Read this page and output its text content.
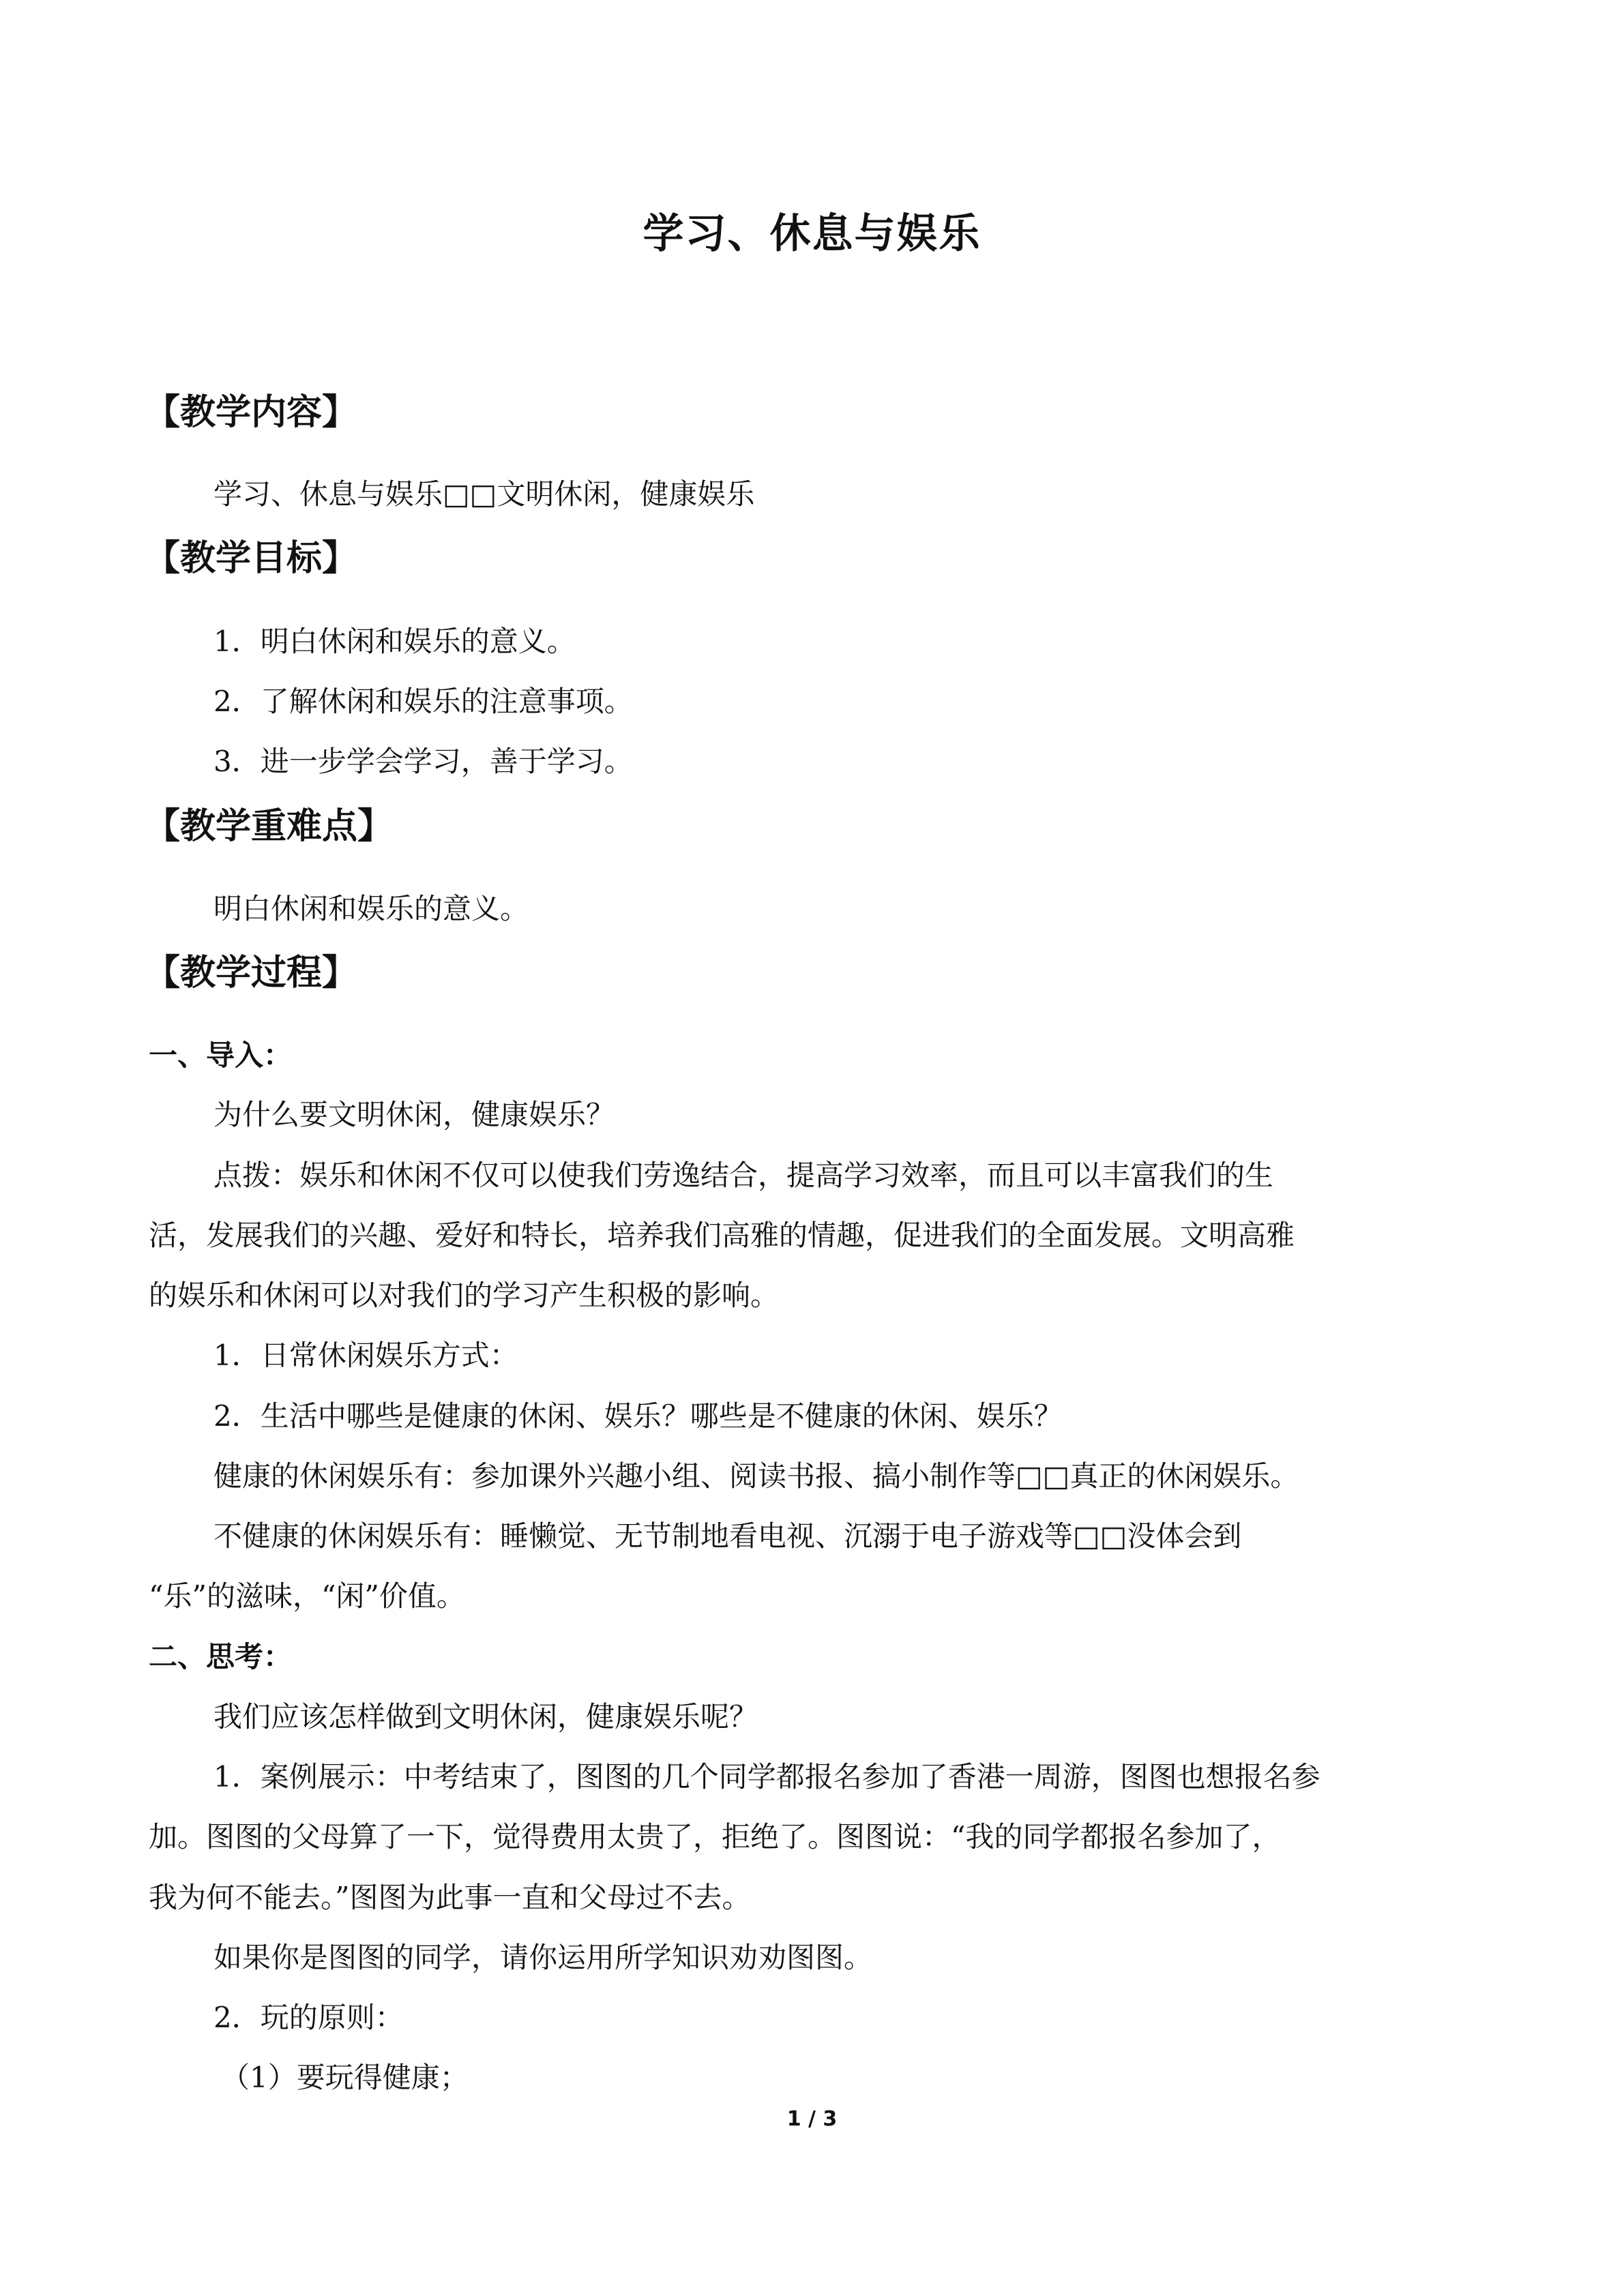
学习、休息与娱乐
【教学内容】
学习、休息与娱乐□□文明休闲，健康娱乐
【教学目标】
1．明白休闲和娱乐的意义。
2．了解休闲和娱乐的注意事项。
3．进一步学会学习，善于学习。
【教学重难点】
明白休闲和娱乐的意义。
【教学过程】
一、导入：
为什么要文明休闲，健康娱乐？
点拨：娱乐和休闲不仅可以使我们劳逸结合，提高学习效率，而且可以丰富我们的生
活，发展我们的兴趣、爱好和特长，培养我们高雅的情趣，促进我们的全面发展。文明高雅
的娱乐和休闲可以对我们的学习产生积极的影响。
1．日常休闲娱乐方式：
2．生活中哪些是健康的休闲、娱乐？哪些是不健康的休闲、娱乐？
健康的休闲娱乐有：参加课外兴趣小组、阅读书报、搞小制作等□□真正的休闲娱乐。
不健康的休闲娱乐有：睡懒觉、无节制地看电视、沉溺于电子游戏等□□没体会到
“乐”的滋味，“闲”价值。
二、思考：
我们应该怎样做到文明休闲，健康娱乐呢？
1．案例展示：中考结束了，图图的几个同学都报名参加了香港一周游，图图也想报名参
加。图图的父母算了一下，觉得费用太贵了，拒绝了。图图说：“我的同学都报名参加了，
我为何不能去。”图图为此事一直和父母过不去。
如果你是图图的同学，请你运用所学知识劝劝图图。
2．玩的原则：
（1）要玩得健康；
1 / 3
